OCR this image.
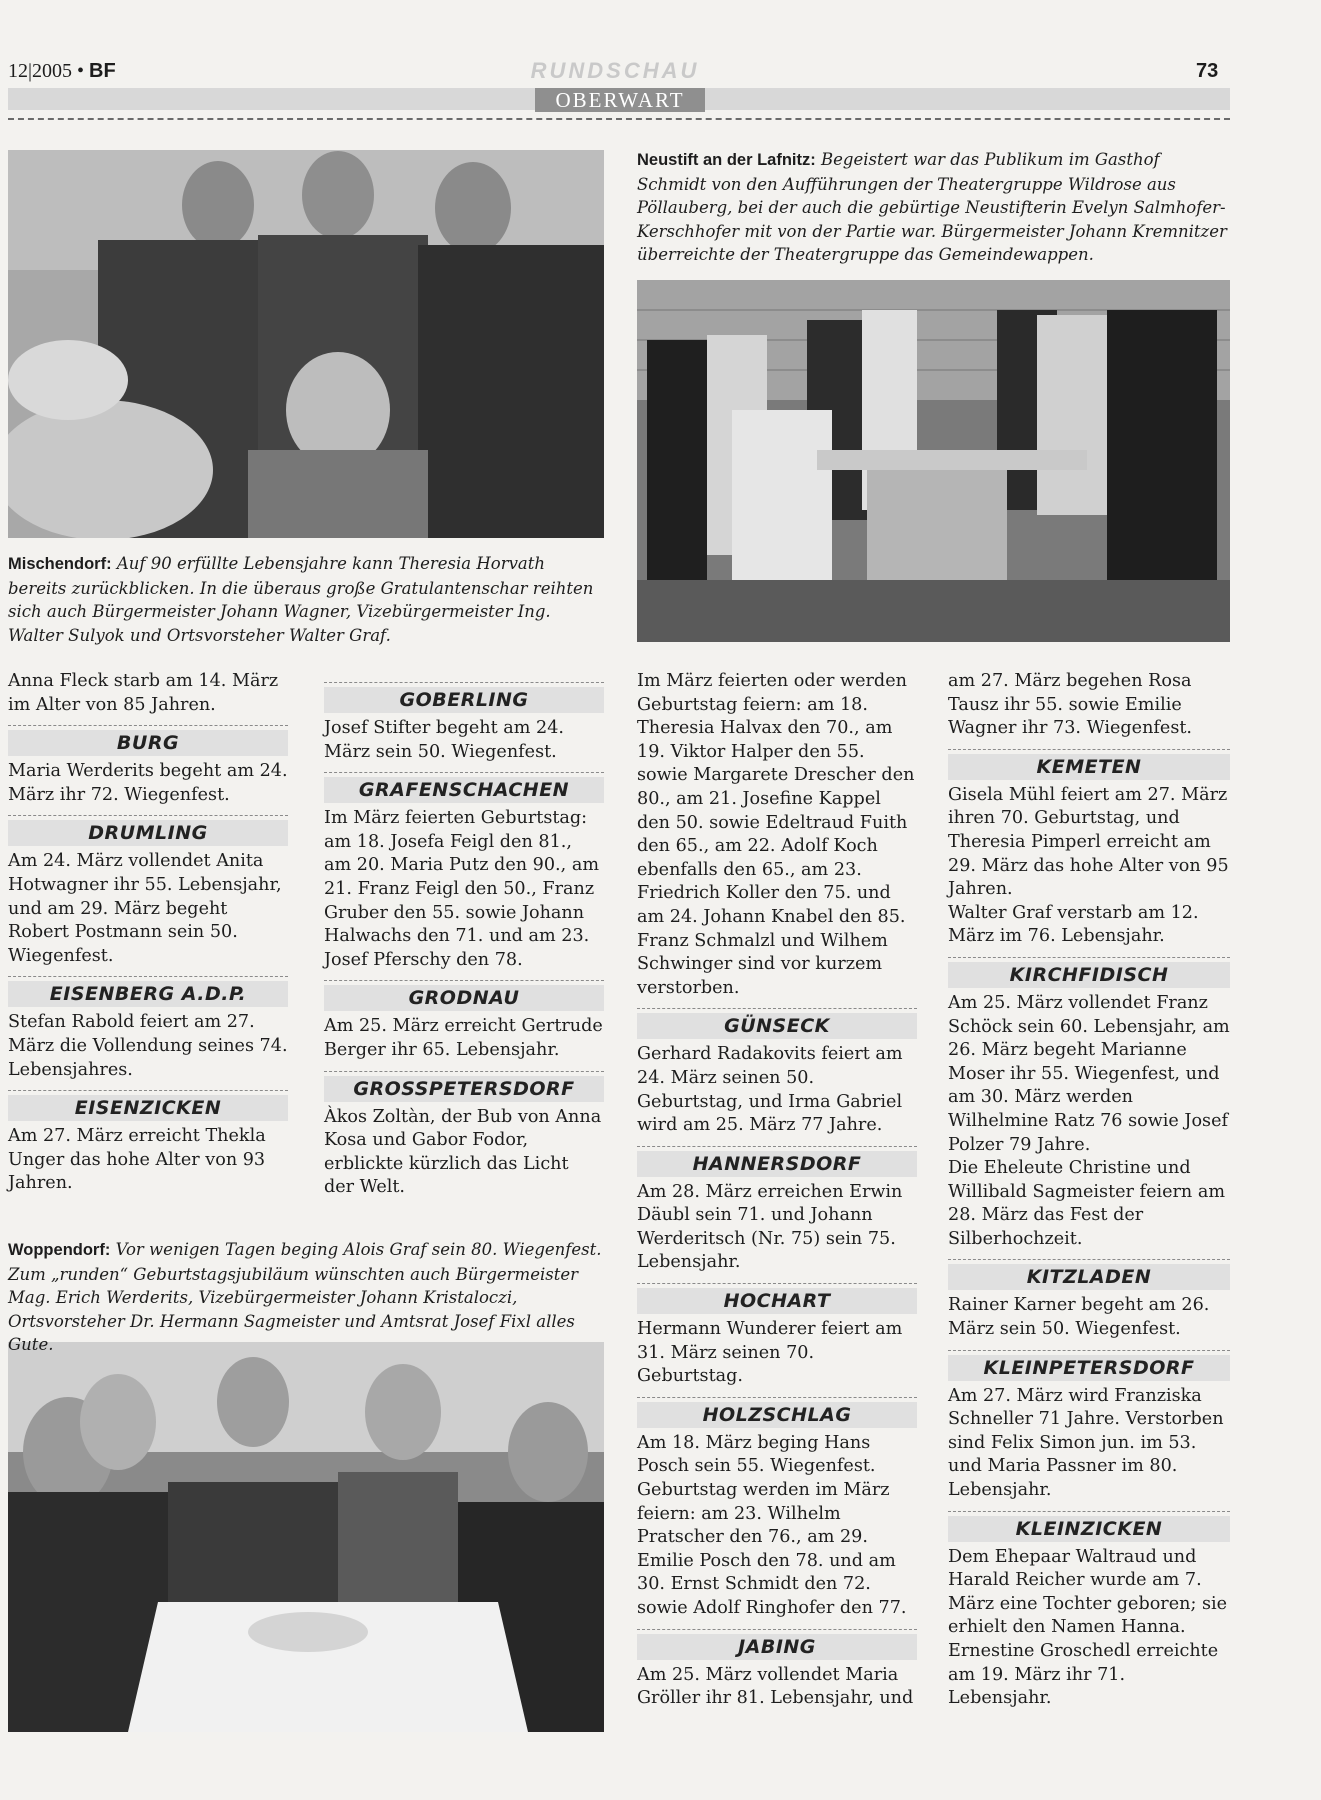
12|2005 • BF	RUNDSCHAU	73
OBERWART
Neustift an der Lafnitz: Begeistert war das Publikum im Gasthof Schmidt von den Aufführungen der Theatergruppe Wildrose aus Pöllauberg, bei der auch die gebürtige Neustifterin Evelyn Salmhofer-Kerschhofer mit von der Partie war. Bürgermeister Johann Kremnitzer überreichte der Theatergruppe das Gemeindewappen.
Mischendorf: Auf 90 erfüllte Lebensjahre kann Theresia Horvath bereits zurückblicken. In die überaus große Gratulantenschar reihten sich auch Bürgermeister Johann Wagner, Vizebürgermeister Ing. Walter Sulyok und Ortsvorsteher Walter Graf.
Woppendorf: Vor wenigen Tagen beging Alois Graf sein 80. Wiegenfest. Zum „runden“ Geburtstagsjubiläum wünschten auch Bürgermeister Mag. Erich Werderits, Vizebürgermeister Johann Kristaloczi, Ortsvorsteher Dr. Hermann Sagmeister und Amtsrat Josef Fixl alles Gute.

Anna Fleck starb am 14. März im Alter von 85 Jahren.

BURG

Maria Werderits begeht am 24. März ihr 72. Wiegenfest.

DRUMLING

Am 24. März vollendet Anita Hotwagner ihr 55. Lebensjahr, und am 29. März begeht Robert Postmann sein 50. Wiegenfest.

EISENBERG A.D.P.

Stefan Rabold feiert am 27. März die Vollendung seines 74. Lebensjahres.

EISENZICKEN

Am 27. März erreicht Thekla Unger das hohe Alter von 93 Jahren.

GOBERLING

Josef Stifter begeht am 24. März sein 50. Wiegenfest.

GRAFENSCHACHEN

Im März feierten Geburtstag: am 18. Josefa Feigl den 81., am 20. Maria Putz den 90., am 21. Franz Feigl den 50., Franz Gruber den 55. sowie Johann Halwachs den 71. und am 23. Josef Pferschy den 78.

GRODNAU

Am 25. März erreicht Gertrude Berger ihr 65. Lebensjahr.

GROSSPETERSDORF

Àkos Zoltàn, der Bub von Anna Kosa und Gabor Fodor, erblickte kürzlich das Licht der Welt.

Im März feierten oder werden Geburtstag feiern: am 18. Theresia Halvax den 70., am 19. Viktor Halper den 55. sowie Margarete Drescher den 80., am 21. Josefine Kappel den 50. sowie Edeltraud Fuith den 65., am 22. Adolf Koch ebenfalls den 65., am 23. Friedrich Koller den 75. und am 24. Johann Knabel den 85. Franz Schmalzl und Wilhem Schwinger sind vor kurzem verstorben.

GÜNSECK

Gerhard Radakovits feiert am 24. März seinen 50. Geburtstag, und Irma Gabriel wird am 25. März 77 Jahre.

HANNERSDORF

Am 28. März erreichen Erwin Däubl sein 71. und Johann Werderitsch (Nr. 75) sein 75. Lebensjahr.

HOCHART

Hermann Wunderer feiert am 31. März seinen 70. Geburtstag.

HOLZSCHLAG

Am 18. März beging Hans Posch sein 55. Wiegenfest. Geburtstag werden im März feiern: am 23. Wilhelm Pratscher den 76., am 29. Emilie Posch den 78. und am 30. Ernst Schmidt den 72. sowie Adolf Ringhofer den 77.

JABING

Am 25. März vollendet Maria Gröller ihr 81. Lebensjahr, und

am 27. März begehen Rosa Tausz ihr 55. sowie Emilie Wagner ihr 73. Wiegenfest.

KEMETEN

Gisela Mühl feiert am 27. März ihren 70. Geburtstag, und Theresia Pimperl erreicht am 29. März das hohe Alter von 95 Jahren.

Walter Graf verstarb am 12. März im 76. Lebensjahr.

KIRCHFIDISCH

Am 25. März vollendet Franz Schöck sein 60. Lebensjahr, am 26. März begeht Marianne Moser ihr 55. Wiegenfest, und am 30. März werden Wilhelmine Ratz 76 sowie Josef Polzer 79 Jahre.

Die Eheleute Christine und Willibald Sagmeister feiern am 28. März das Fest der Silberhochzeit.

KITZLADEN

Rainer Karner begeht am 26. März sein 50. Wiegenfest.

KLEINPETERSDORF

Am 27. März wird Franziska Schneller 71 Jahre. Verstorben sind Felix Simon jun. im 53. und Maria Passner im 80. Lebensjahr.

KLEINZICKEN

Dem Ehepaar Waltraud und Harald Reicher wurde am 7. März eine Tochter geboren; sie erhielt den Namen Hanna. Ernestine Groschedl erreichte am 19. März ihr 71. Lebensjahr.
